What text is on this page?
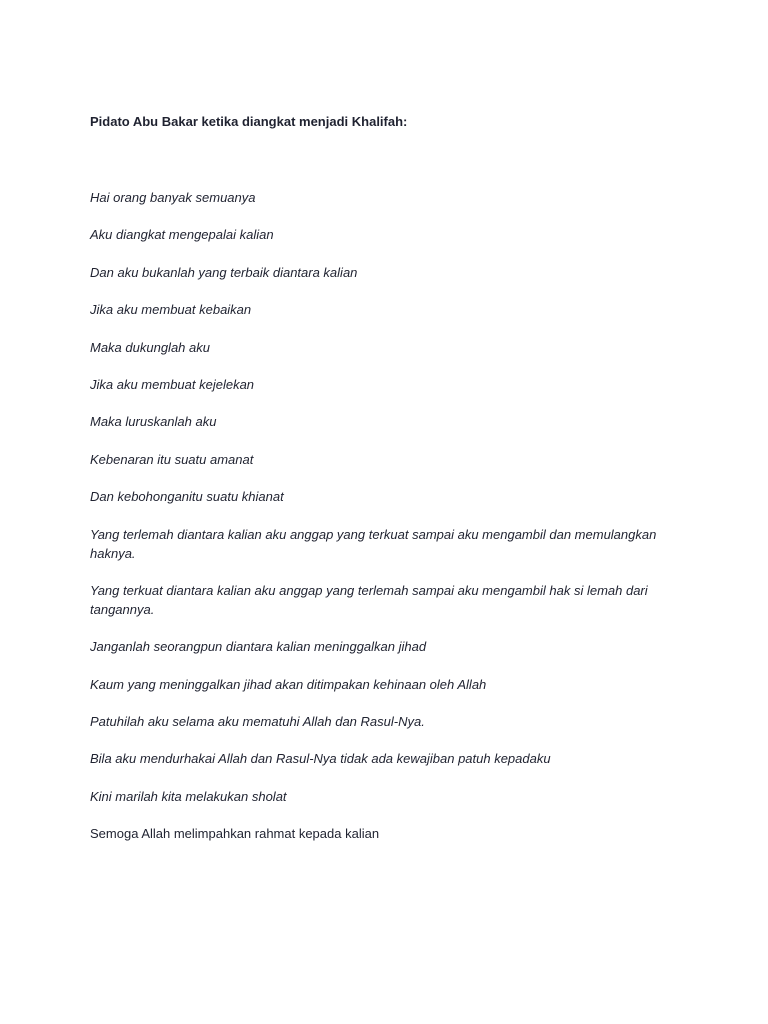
Pidato Abu Bakar ketika diangkat menjadi Khalifah:

Hai orang banyak semuanya

Aku diangkat mengepalai kalian

Dan aku bukanlah yang terbaik diantara kalian

Jika aku membuat kebaikan

Maka dukunglah aku

Jika aku membuat kejelekan

Maka luruskanlah aku

Kebenaran itu suatu amanat

Dan kebohonganitu suatu khianat

Yang terlemah diantara kalian aku anggap yang terkuat sampai aku mengambil dan memulangkan haknya.

Yang terkuat diantara kalian aku anggap yang terlemah sampai aku mengambil hak si lemah dari tangannya.

Janganlah seorangpun diantara kalian meninggalkan jihad

Kaum yang meninggalkan jihad akan ditimpakan kehinaan oleh Allah

Patuhilah aku selama aku mematuhi Allah dan Rasul-Nya.

Bila aku mendurhakai Allah dan Rasul-Nya tidak ada kewajiban patuh kepadaku

Kini marilah kita melakukan sholat

Semoga Allah melimpahkan rahmat kepada kalian
